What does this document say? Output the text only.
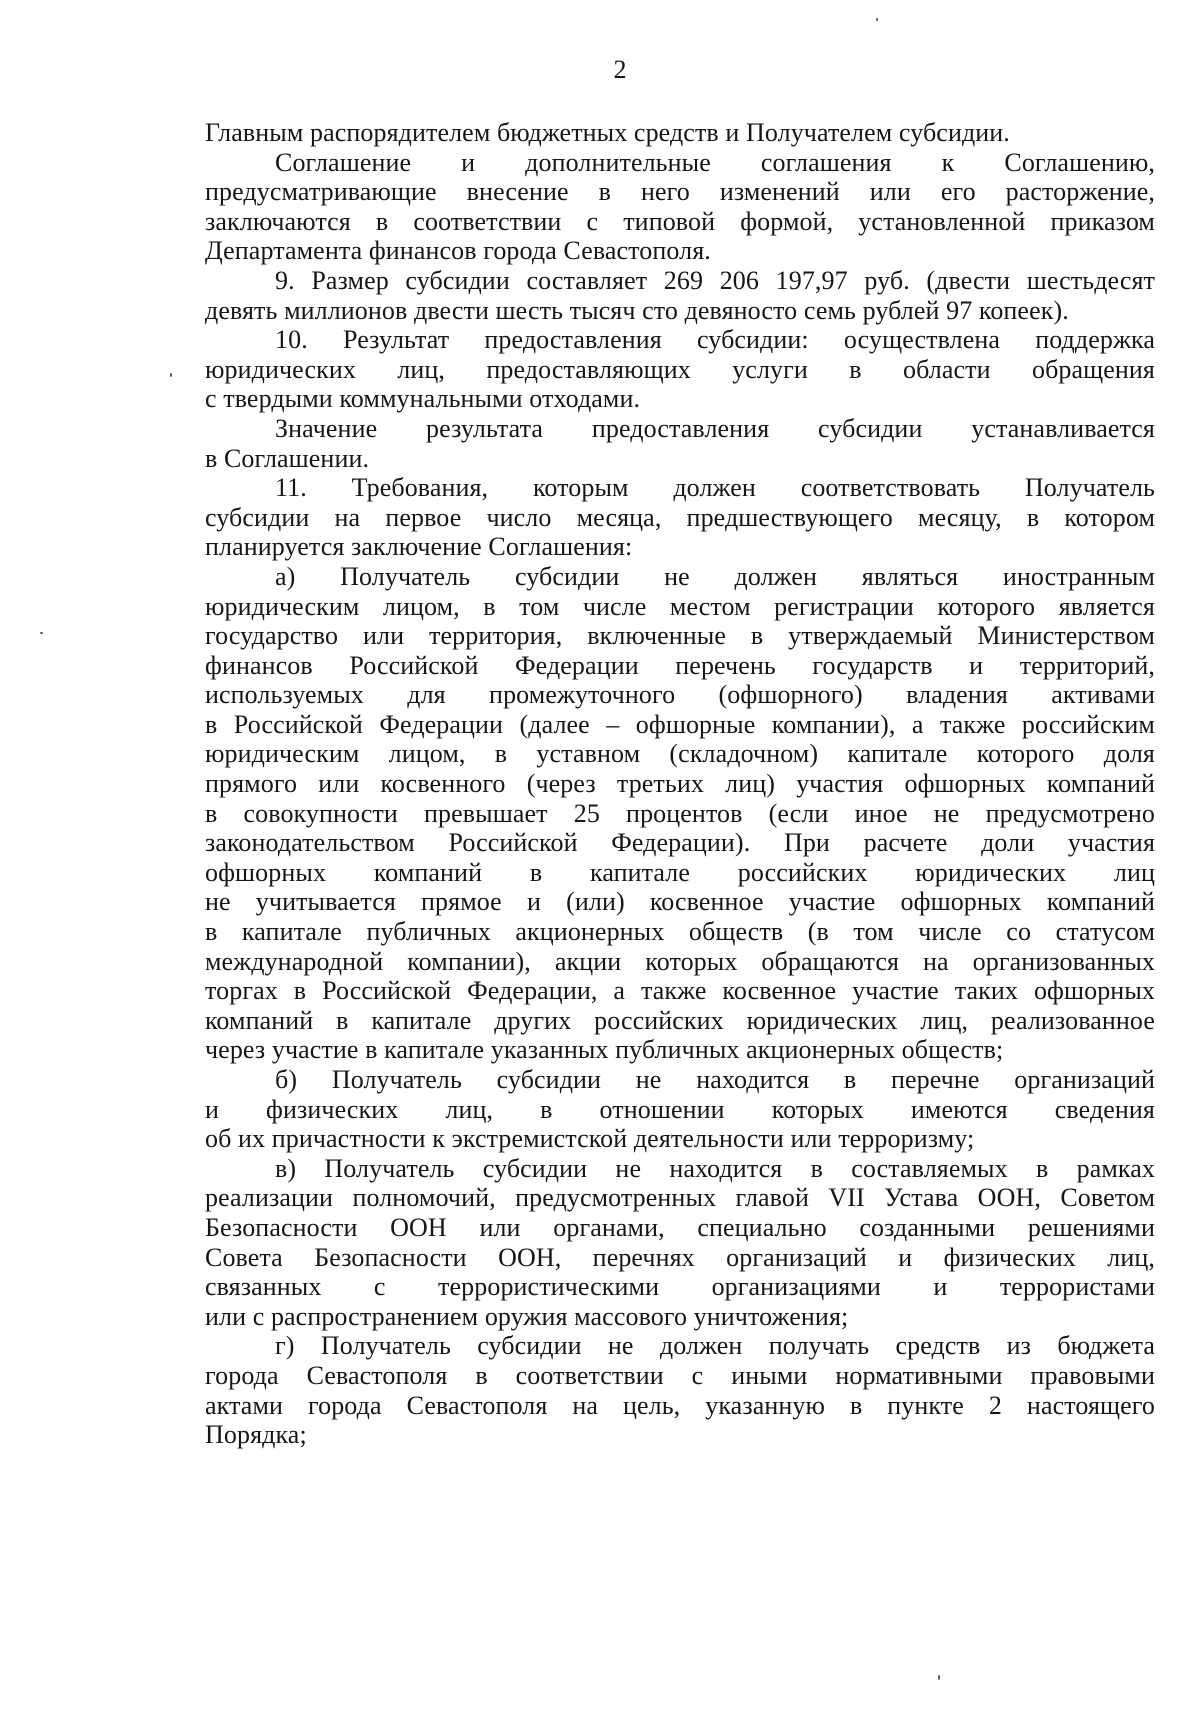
2
Главным распорядителем бюджетных средств и Получателем субсидии.
Соглашение и дополнительные соглашения к Соглашению,
предусматривающие внесение в него изменений или его расторжение,
заключаются в соответствии с типовой формой, установленной приказом
Департамента финансов города Севастополя.
9. Размер субсидии составляет 269 206 197,97 руб. (двести шестьдесят
девять миллионов двести шесть тысяч сто девяносто семь рублей 97 копеек).
10. Результат предоставления субсидии: осуществлена поддержка
юридических лиц, предоставляющих услуги в области обращения
с твердыми коммунальными отходами.
Значение результата предоставления субсидии устанавливается
в Соглашении.
11. Требования, которым должен соответствовать Получатель
субсидии на первое число месяца, предшествующего месяцу, в котором
планируется заключение Соглашения:
а) Получатель субсидии не должен являться иностранным
юридическим лицом, в том числе местом регистрации которого является
государство или территория, включенные в утверждаемый Министерством
финансов Российской Федерации перечень государств и территорий,
используемых для промежуточного (офшорного) владения активами
в Российской Федерации (далее – офшорные компании), а также российским
юридическим лицом, в уставном (складочном) капитале которого доля
прямого или косвенного (через третьих лиц) участия офшорных компаний
в совокупности превышает 25 процентов (если иное не предусмотрено
законодательством Российской Федерации). При расчете доли участия
офшорных компаний в капитале российских юридических лиц
не учитывается прямое и (или) косвенное участие офшорных компаний
в капитале публичных акционерных обществ (в том числе со статусом
международной компании), акции которых обращаются на организованных
торгах в Российской Федерации, а также косвенное участие таких офшорных
компаний в капитале других российских юридических лиц, реализованное
через участие в капитале указанных публичных акционерных обществ;
б) Получатель субсидии не находится в перечне организаций
и физических лиц, в отношении которых имеются сведения
об их причастности к экстремистской деятельности или терроризму;
в) Получатель субсидии не находится в составляемых в рамках
реализации полномочий, предусмотренных главой VII Устава ООН, Советом
Безопасности ООН или органами, специально созданными решениями
Совета Безопасности ООН, перечнях организаций и физических лиц,
связанных с террористическими организациями и террористами
или с распространением оружия массового уничтожения;
г) Получатель субсидии не должен получать средств из бюджета
города Севастополя в соответствии с иными нормативными правовыми
актами города Севастополя на цель, указанную в пункте 2 настоящего
Порядка;
